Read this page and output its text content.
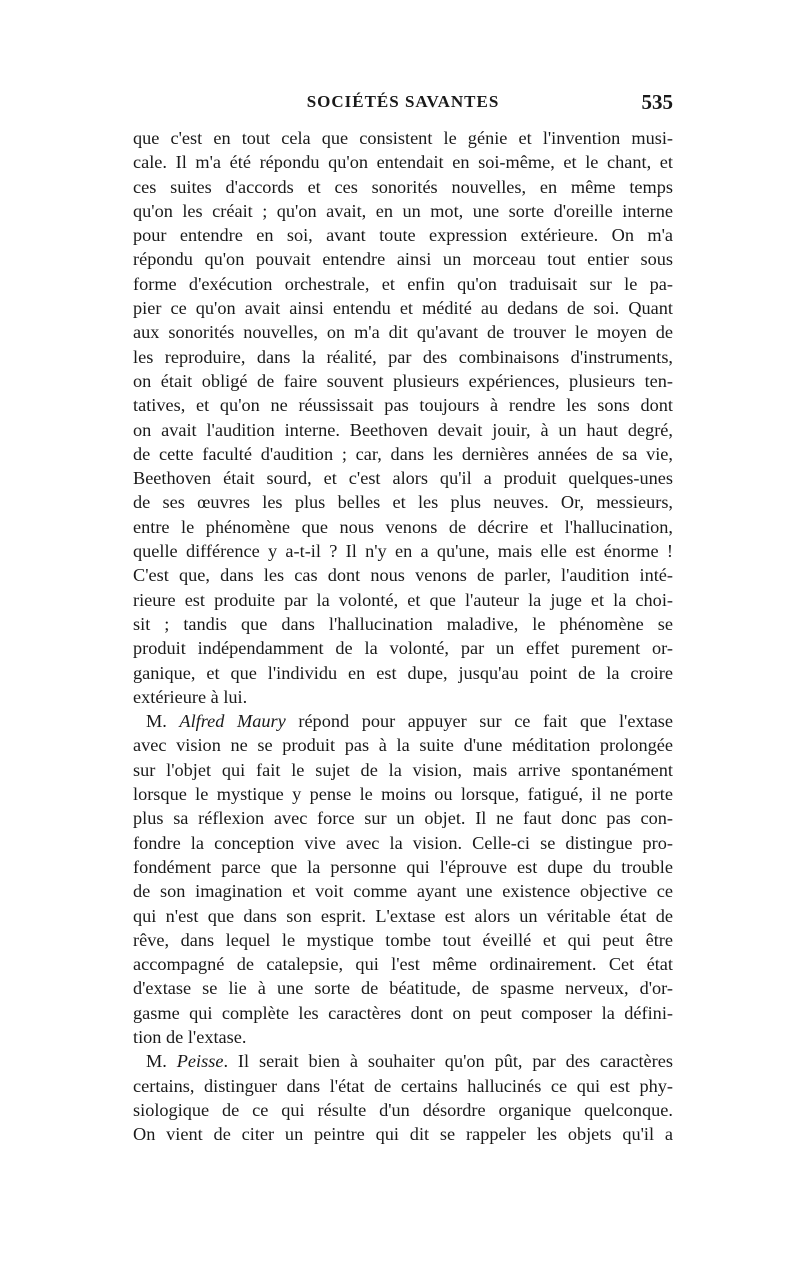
SOCIÉTÉS SAVANTES	535
que c'est en tout cela que consistent le génie et l'invention musi-
cale. Il m'a été répondu qu'on entendait en soi-même, et le chant, et
ces suites d'accords et ces sonorités nouvelles, en même temps
qu'on les créait ; qu'on avait, en un mot, une sorte d'oreille interne
pour entendre en soi, avant toute expression extérieure. On m'a
répondu qu'on pouvait entendre ainsi un morceau tout entier sous
forme d'exécution orchestrale, et enfin qu'on traduisait sur le pa-
pier ce qu'on avait ainsi entendu et médité au dedans de soi. Quant
aux sonorités nouvelles, on m'a dit qu'avant de trouver le moyen de
les reproduire, dans la réalité, par des combinaisons d'instruments,
on était obligé de faire souvent plusieurs expériences, plusieurs ten-
tatives, et qu'on ne réussissait pas toujours à rendre les sons dont
on avait l'audition interne. Beethoven devait jouir, à un haut degré,
de cette faculté d'audition ; car, dans les dernières années de sa vie,
Beethoven était sourd, et c'est alors qu'il a produit quelques-unes
de ses œuvres les plus belles et les plus neuves. Or, messieurs,
entre le phénomène que nous venons de décrire et l'hallucination,
quelle différence y a-t-il ? Il n'y en a qu'une, mais elle est énorme !
C'est que, dans les cas dont nous venons de parler, l'audition inté-
rieure est produite par la volonté, et que l'auteur la juge et la choi-
sit ; tandis que dans l'hallucination maladive, le phénomène se
produit indépendamment de la volonté, par un effet purement or-
ganique, et que l'individu en est dupe, jusqu'au point de la croire
extérieure à lui.
M. Alfred Maury répond pour appuyer sur ce fait que l'extase
avec vision ne se produit pas à la suite d'une méditation prolongée
sur l'objet qui fait le sujet de la vision, mais arrive spontanément
lorsque le mystique y pense le moins ou lorsque, fatigué, il ne porte
plus sa réflexion avec force sur un objet. Il ne faut donc pas con-
fondre la conception vive avec la vision. Celle-ci se distingue pro-
fondément parce que la personne qui l'éprouve est dupe du trouble
de son imagination et voit comme ayant une existence objective ce
qui n'est que dans son esprit. L'extase est alors un véritable état de
rêve, dans lequel le mystique tombe tout éveillé et qui peut être
accompagné de catalepsie, qui l'est même ordinairement. Cet état
d'extase se lie à une sorte de béatitude, de spasme nerveux, d'or-
gasme qui complète les caractères dont on peut composer la défini-
tion de l'extase.
M. Peisse. Il serait bien à souhaiter qu'on pût, par des caractères
certains, distinguer dans l'état de certains hallucinés ce qui est phy-
siologique de ce qui résulte d'un désordre organique quelconque.
On vient de citer un peintre qui dit se rappeler les objets qu'il a
